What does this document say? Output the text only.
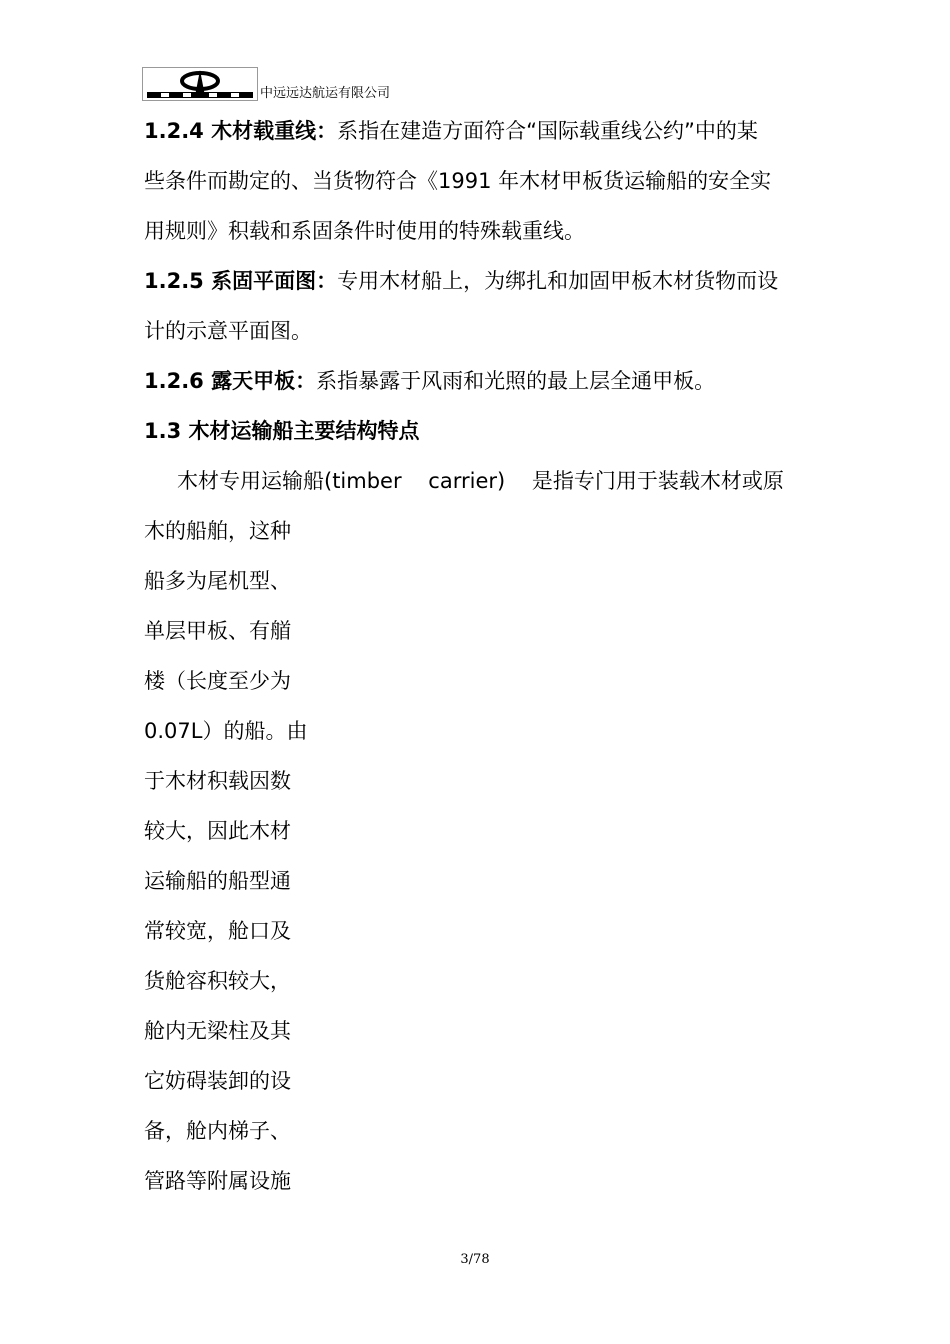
中远远达航运有限公司
1.2.4 木材载重线：系指在建造方面符合“国际载重线公约”中的某
些条件而勘定的、当货物符合《1991 年木材甲板货运输船的安全实
用规则》积载和系固条件时使用的特殊载重线。
1.2.5 系固平面图：专用木材船上，为绑扎和加固甲板木材货物而设
计的示意平面图。
1.2.6 露天甲板：系指暴露于风雨和光照的最上层全通甲板。
1.3 木材运输船主要结构特点
木材专用运输船(timber    carrier)    是指专门用于装载木材或原
木的船舶，这种
船多为尾机型、
单层甲板、有艏
楼（长度至少为
0.07L）的船。由
于木材积载因数
较大，因此木材
运输船的船型通
常较宽，舱口及
货舱容积较大，
舱内无梁柱及其
它妨碍装卸的设
备，舱内梯子、
管路等附属设施
3/78
